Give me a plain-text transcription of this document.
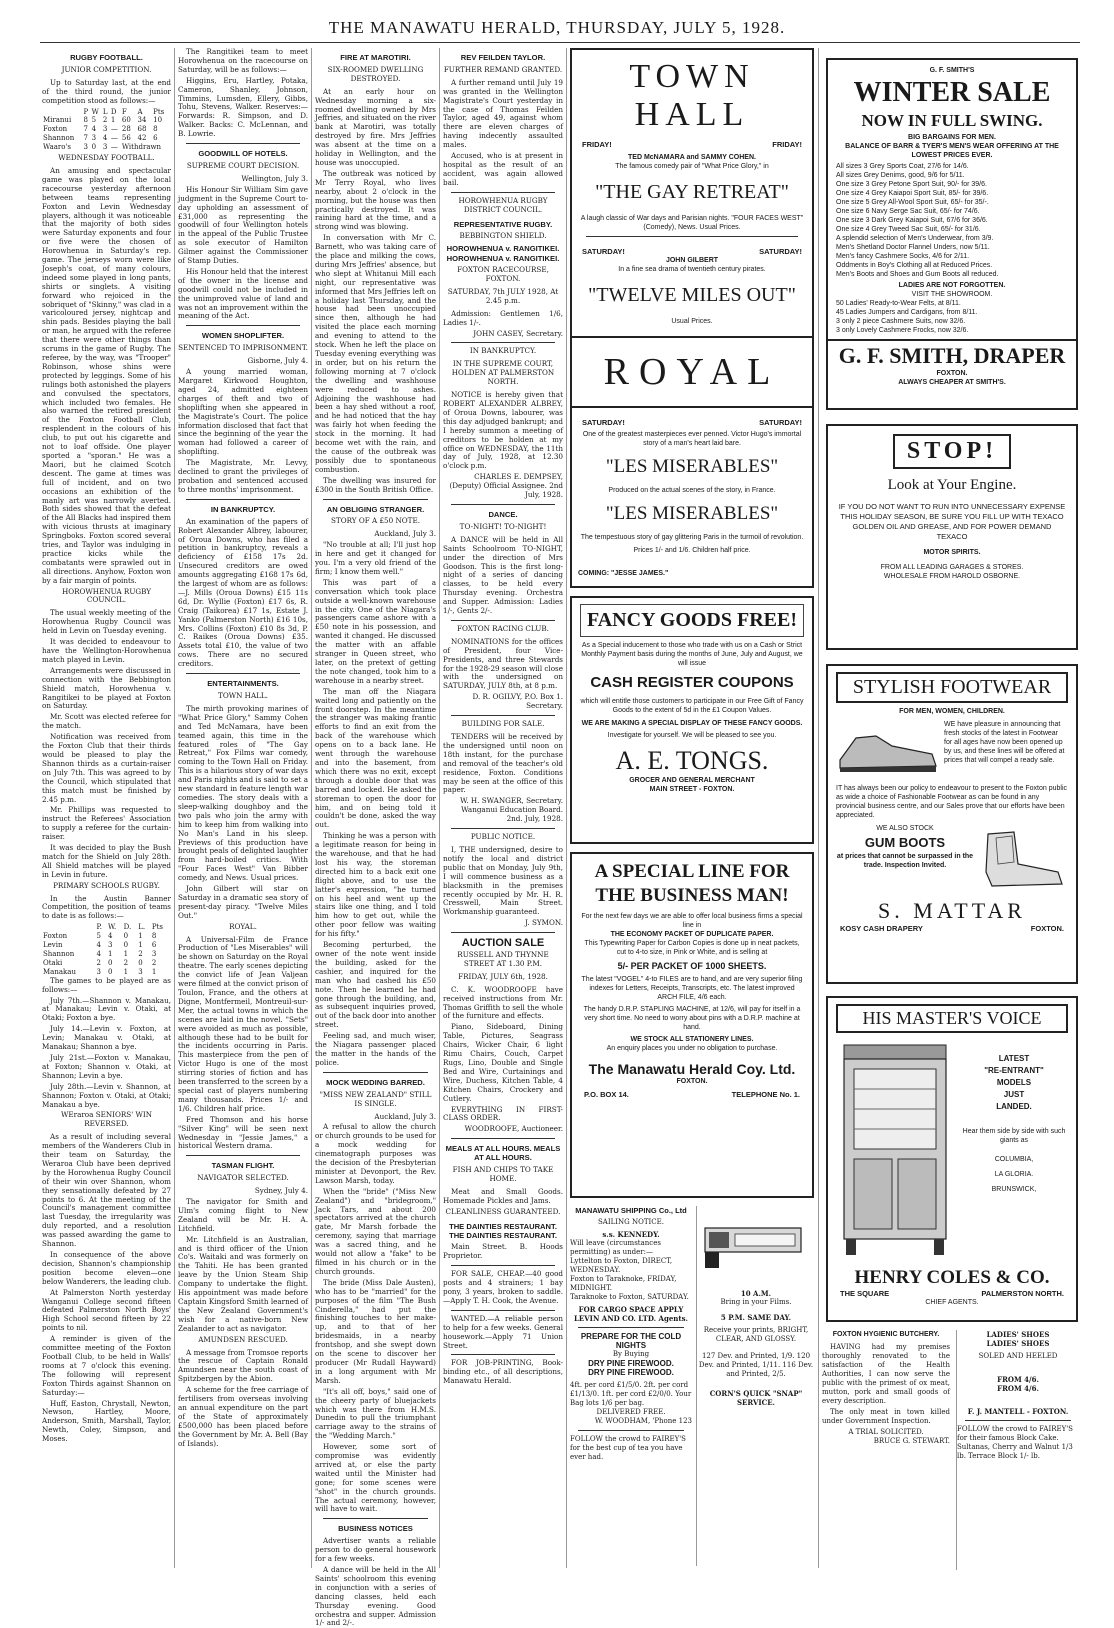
THE MANAWATU HERALD, THURSDAY, JULY 5, 1928.
RUGBY FOOTBALL.
JUNIOR COMPETITION.

Up to Saturday last, at the end of the third round, the junior competition stood as follows:—

	P	W	L	D	F	A	Pts
Miranui	8	5	2	1	60	34	10
Foxton	7	4	3	—	28	68	8
Shannon	7	3	4	—	56	42	6
Waaro's	3	0	3	—	Withdrawn		
WEDNESDAY FOOTBALL.

An amusing and spectacular game was played on the local racecourse yesterday afternoon between teams representing Foxton and Levin Wednesday players, although it was noticeable that the majority of both sides were Saturday exponents and four or five were the chosen of Horowhenua in Saturday's rep. game. The jerseys worn were like Joseph's coat, of many colours, indeed some played in long pants, shirts or singlets. A visiting forward who rejoiced in the sobriquet of "Skinny," was clad in a varicoloured jersey, nightcap and shin pads. Besides playing the ball or man, he argued with the referee that there were other things than scrums in the game of Rugby. The referee, by the way, was "Trooper" Robinson, whose shins were protected by leggings. Some of his rulings both astonished the players and convulsed the spectators, which included two females. He also warned the retired president of the Foxton Football Club, resplendent in the colours of his club, to put out his cigarette and not to loaf offside. One player sported a "sporan." He was a Maori, but he claimed Scotch descent. The game at times was full of incident, and on two occasions an exhibition of the manly art was narrowly averted. Both sides showed that the defeat of the All Blacks had inspired them with vicious thrusts at imaginary Springboks. Foxton scored several tries, and Taylor was indulging in practice kicks while the combatants were sprawled out in all directions. Anyhow, Foxton won by a fair margin of points.

HOROWHENUA RUGBY COUNCIL.

The usual weekly meeting of the Horowhenua Rugby Council was held in Levin on Tuesday evening.

It was decided to endeavour to have the Wellington-Horowhenua match played in Levin.

Arrangements were discussed in connection with the Bebbington Shield match, Horowhenua v. Rangitikei to be played at Foxton on Saturday.

Mr. Scott was elected referee for the match.

Notification was received from the Foxton Club that their thirds would be pleased to play the Shannon thirds as a curtain-raiser on July 7th. This was agreed to by the Council, which stipulated that this match must be finished by 2.45 p.m.

Mr. Phillips was requested to instruct the Referees' Association to supply a referee for the curtain-raiser.

It was decided to play the Bush match for the Shield on July 28th. All Shield matches will be played in Levin in future.

PRIMARY SCHOOLS RUGBY.

In the Austin Banner Competition, the position of teams to date is as follows:—

	P.	W.	D.	L.	Pts
Foxton	5	4	0	1	8
Levin	4	3	0	1	6
Shannon	4	1	1	2	3
Otaki	2	0	2	0	2
Manakau	3	0	1	3	1

The games to be played are as follows:—

July 7th.—Shannon v. Manakau, at Manakau; Levin v. Otaki, at Otaki; Foxton a bye.

July 14.—Levin v. Foxton, at Levin; Manakau v. Otaki, at Manakau; Shannon a bye.

July 21st.—Foxton v. Manakau, at Foxton; Shannon v. Otaki, at Shannon; Levin a bye.

July 28th.—Levin v. Shannon, at Shannon; Foxton v. Otaki, at Otaki; Manakau a bye.

WEraroa SENIORS' WIN REVERSED.

As a result of including several members of the Wanderers Club in their team on Saturday, the Weraroa Club have been deprived by the Horowhenua Rugby Council of their win over Shannon, whom they sensationally defeated by 27 points to 6. At the meeting of the Council's management committee last Tuesday, the irregularity was duly reported, and a resolution was passed awarding the game to Shannon.

In consequence of the above decision, Shannon's championship position become eleven—one below Wanderers, the leading club.

At Palmerston North yesterday Wanganui College second fifteen defeated Palmerston North Boys' High School second fifteen by 22 points to nil.

A reminder is given of the committee meeting of the Foxton Football Club, to be held in Walls' rooms at 7 o'clock this evening. The following will represent Foxton Thirds against Shannon on Saturday:—

Huff, Easton, Chrystall, Newton, Newson, Hartley, Moore, Anderson, Smith, Marshall, Taylor, Newth, Coley, Simpson, and Moses.

The Rangitikei team to meet Horowhenua on the racecourse on Saturday, will be as follows:—

Higgins, Eru, Hartley, Potaka, Cameron, Shanley, Johnson, Timmins, Lumsden, Ellery, Gibbs, Tohu, Stevens, Walker. Reserves:—Forwards: R. Simpson, and D. Walker. Backs: C. McLennan, and B. Lowrie.

GOODWILL OF HOTELS.
SUPREME COURT DECISION.

Wellington, July 3.

His Honour Sir William Sim gave judgment in the Supreme Court to-day upholding an assessment of £31,000 as representing the goodwill of four Wellington hotels in the appeal of the Public Trustee as sole executor of Hamilton Gilmer against the Commissioner of Stamp Duties.

His Honour held that the interest of the owner in the license and goodwill could not be included in the unimproved value of land and was not an improvement within the meaning of the Act.

WOMEN SHOPLIFTER.
SENTENCED TO IMPRISONMENT.

Gisborne, July 4.

A young married woman, Margaret Kirkwood Houghton, aged 24, admitted eighteen charges of theft and two of shoplifting when she appeared in the Magistrate's Court. The police information disclosed that fact that since the beginning of the year the woman had followed a career of shoplifting.

The Magistrate, Mr. Levvy, declined to grant the privileges of probation and sentenced accused to three months' imprisonment.

IN BANKRUPTCY.

An examination of the papers of Robert Alexander Albrey, labourer, of Oroua Downs, who has filed a petition in bankruptcy, reveals a deficiency of £158 17s 2d. Unsecured creditors are owed amounts aggregating £168 17s 6d, the largest of whom are as follows:—J. Mills (Oroua Downs) £15 11s 6d, Dr. Wyllie (Foxton) £17 6s, R. Craig (Taikorea) £17 1s, Estate J. Yanko (Palmerston North) £16 10s, Mrs. Collins (Foxton) £10 8s 3d, P. C. Raikes (Oroua Downs) £35. Assets total £10, the value of two cows. There are no secured creditors.

ENTERTAINMENTS.
TOWN HALL.

The mirth provoking marines of "What Price Glory," Sammy Cohen and Ted McNamara, have been teamed again, this time in the featured roles of "The Gay Retreat," Fox Films war comedy, coming to the Town Hall on Friday. This is a hilarious story of war days and Paris nights and is said to set a new standard in feature length war comedies. The story deals with a sleep-walking doughboy and the two pals who join the army with him to keep him from walking into No Man's Land in his sleep. Previews of this production have brought peals of delighted laughter from hard-boiled critics. With "Four Faces West" Van Bibber comedy, and News. Usual prices.

John Gilbert will star on Saturday in a dramatic sea story of present-day piracy. "Twelve Miles Out."

ROYAL.

A Universal-Film de France Production of "Les Miserables" will be shown on Saturday on the Royal theatre. The early scenes depicting the convict life of Jean Valjean were filmed at the convict prison of Toulon, France, and the others at Digne, Montfermeil, Montreuil-sur-Mer, the actual towns in which the scenes are laid in the novel. "Sets" were avoided as much as possible, although these had to be built for the incidents occurring in Paris. This masterpiece from the pen of Victor Hugo is one of the most stirring stories of fiction and has been transferred to the screen by a special cast of players numbering many thousands. Prices 1/- and 1/6. Children half price.

Fred Thomson and his horse "Silver King" will be seen next Wednesday in "Jessie James," a historical Western drama.

TASMAN FLIGHT.
NAVIGATOR SELECTED.

Sydney, July 4.

The navigator for Smith and Ulm's coming flight to New Zealand will be Mr. H. A. Litchfield.

Mr. Litchfield is an Australian, and is third officer of the Union Co's. Waitaki and was formerly on the Tahiti. He has been granted leave by the Union Steam Ship Company to undertake the flight. His appointment was made before Captain Kingsford Smith learned of the New Zealand Government's wish for a native-born New Zealander to act as navigator.

AMUNDSEN RESCUED.

A message from Tromsoe reports the rescue of Captain Ronald Amundsen near the south coast of Spitzbergen by the Abion.

A scheme for the free carriage of fertilisers from overseas involving an annual expenditure on the part of the State of approximately £500,000 has been placed before the Government by Mr. A. Bell (Bay of Islands).

FIRE AT MAROTIRI.
SIX-ROOMED DWELLING DESTROYED.

At an early hour on Wednesday morning a six-roomed dwelling owned by Mrs Jeffries, and situated on the river bank at Marotiri, was totally destroyed by fire. Mrs Jeffries was absent at the time on a holiday in Wellington, and the house was unoccupied.

The outbreak was noticed by Mr Terry Royal, who lives nearby, about 2 o'clock in the morning, but the house was then practically destroyed. It was raining hard at the time, and a strong wind was blowing.

In conversation with Mr C. Barnett, who was taking care of the place and milking the cows, during Mrs Jeffries' absence, but who slept at Whitanui Mill each night, our representative was informed that Mrs Jeffries left on a holiday last Thursday, and the house had been unoccupied since then, although he had visited the place each morning and evening to attend to the stock. When he left the place on Tuesday evening everything was in order, but on his return the following morning at 7 o'clock the dwelling and washhouse were reduced to ashes. Adjoining the washhouse had been a hay shed without a roof, and he had noticed that the hay was fairly hot when feeding the stock in the morning. It had become wet with the rain, and the cause of the outbreak was possibly due to spontaneous combustion.

The dwelling was insured for £300 in the South British Office.

AN OBLIGING STRANGER.
STORY OF A £50 NOTE.

Auckland, July 3.

"No trouble at all; I'll just hop in here and get it changed for you. I'm a very old friend of the firm; I know them well."

This was part of a conversation which took place outside a well-known warehouse in the city. One of the Niagara's passengers came ashore with a £50 note in his possession, and wanted it changed. He discussed the matter with an affable stranger in Queen street, who later, on the pretext of getting the note changed, took him to a warehouse in a nearby street.

The man off the Niagara waited long and patiently on the front doorstep. In the meantime the stranger was making frantic efforts to find an exit from the back of the warehouse which opens on to a back lane. He went through the warehouse and into the basement, from which there was no exit, except through a double door that was barred and locked. He asked the storeman to open the door for him, and on being told it couldn't be done, asked the way out.

Thinking he was a person with a legitimate reason for being in the warehouse, and that he had lost his way, the storeman directed him to a back exit one flight above, and to use the latter's expression, "he turned on his heel and went up the stairs like one thing, and I told him how to get out, while the other poor fellow was waiting for his fifty."

Becoming perturbed, the owner of the note went inside the building, asked for the cashier, and inquired for the man who had cashed his £50 note. Then he learned he had gone through the building, and, as subsequent inquiries proved, out of the back door into another street.

Feeling sad, and much wiser, the Niagara passenger placed the matter in the hands of the police.

MOCK WEDDING BARRED.
"MISS NEW ZEALAND" STILL IS SINGLE.

Auckland, July 3.

A refusal to allow the church or church grounds to be used for a mock wedding for cinematograph purposes was the decision of the Presbyterian minister at Devonport, the Rev. Lawson Marsh, today.

When the "bride" ("Miss New Zealand") and "bridegroom," Jack Tars, and about 200 spectators arrived at the church gate, Mr Marsh forbade the ceremony, saying that marriage was a sacred thing, and he would not allow a "fake" to be filmed in his church or in the church grounds.

The bride (Miss Dale Austen), who has to be "married" for the purposes of the film "The Bush Cinderella," had put the finishing touches to her make-up, and to that of her bridesmaids, in a nearby frontshop, and she swept down on the scene to discover her producer (Mr Rudall Hayward) in a long argument with Mr Marsh.

"It's all off, boys," said one of the cheery party of bluejackets which was there from H.M.S. Dunedin to pull the triumphant carriage away to the strains of the "Wedding March."

However, some sort of compromise was evidently arrived at, or else the party waited until the Minister had gone; for some scenes were "shot" in the church grounds. The actual ceremony, however, will have to wait.

BUSINESS NOTICES

Advertiser wants a reliable person to do general housework for a few weeks.

A dance will be held in the All Saints' schoolroom this evening in conjunction with a series of dancing classes, held each Thursday evening. Good orchestra and supper. Admission 1/- and 2/-.

REV FEILDEN TAYLOR.
FURTHER REMAND GRANTED.

A further remand until July 19 was granted in the Wellington Magistrate's Court yesterday in the case of Thomas Feilden Taylor, aged 49, against whom there are eleven charges of having indecently assaulted males.

Accused, who is at present in hospital as the result of an accident, was again allowed bail.

HOROWHENUA RUGBY DISTRICT COUNCIL.
REPRESENTATIVE RUGBY.
BEBBINGTON SHIELD.
HOROWHENUA v. RANGITIKEI.
HOROWHENUA v. RANGITIKEI.
FOXTON RACECOURSE, FOXTON.
SATURDAY, 7th JULY 1928, At 2.45 p.m.

Admission: Gentlemen 1/6, Ladies 1/-.

JOHN CASEY, Secretary.

IN BANKRUPTCY.
IN THE SUPREME COURT, HOLDEN AT PALMERSTON NORTH.

NOTICE is hereby given that ROBERT ALEXANDER ALBREY, of Oroua Downs, labourer, was this day adjudged bankrupt; and I hereby summon a meeting of creditors to be holden at my office on WEDNESDAY, the 11th day of July, 1928, at 12.30 o'clock p.m.

CHARLES E. DEMPSEY, (Deputy) Official Assignee. 2nd July, 1928.

DANCE.
TO-NIGHT! TO-NIGHT!

A DANCE will be held in All Saints Schoolroom TO-NIGHT, under the direction of Mrs Goodson. This is the first long-night of a series of dancing classes, to be held every Thursday evening. Orchestra and Supper. Admission: Ladies 1/-, Gents 2/-.

FOXTON RACING CLUB.

NOMINATIONS for the offices of President, four Vice-Presidents, and three Stewards for the 1928-29 season will close with the undersigned on SATURDAY, JULY 8th, at 8 p.m.

D. R. OGILVY, P.O. Box 1. Secretary.

BUILDING FOR SALE.

TENDERS will be received by the undersigned until noon on 18th instant, for the purchase and removal of the teacher's old residence, Foxton. Conditions may be seen at the office of this paper.

W. H. SWANGER, Secretary. Wanganui Education Board. 2nd. July, 1928.

PUBLIC NOTICE.

I, THE undersigned, desire to notify the local and district public that on Monday, July 9th, I will commence business as a blacksmith in the premises recently occupied by Mr. H. R. Cresswell, Main Street. Workmanship guaranteed.

J. SYMON.

AUCTION SALE
RUSSELL AND THYNNE STREET AT 1.30 P.M.
FRIDAY, JULY 6th, 1928.

C. K. WOODROOFE have received instructions from Mr. Thomas Griffith to sell the whole of the furniture and effects.

Piano, Sideboard, Dining Table, Pictures, Seagrass Chairs, Wicker Chair, 6 light Rimu Chairs, Couch, Carpet Rugs, Lino, Double and Single Bed and Wire, Curtainings and Wire, Duchess, Kitchen Table, 4 Kitchen Chairs, Crockery and Cutlery.

EVERYTHING IN FIRST-CLASS ORDER.

WOODROOFE, Auctioneer.

MEALS AT ALL HOURS. MEALS AT ALL HOURS.
FISH AND CHIPS TO TAKE HOME.

Meat and Small Goods. Homemade Pickles and Jams.

CLEANLINESS GUARANTEED.
THE DAINTIES RESTAURANT. THE DAINTIES RESTAURANT.

Main Street. B. Hoods Proprietor.

FOR SALE, CHEAP.—40 good posts and 4 strainers; 1 bay pony, 3 years, broken to saddle.—Apply T. H. Cook, the Avenue.

WANTED.—A reliable person to help for a few weeks. General housework.—Apply 71 Union Street.

FOR JOB-PRINTING, Book-binding etc., of all descriptions, Manawatu Herald.

TOWN HALL
FRIDAY!	FRIDAY!
TED McNAMARA and SAMMY COHEN.
The famous comedy pair of "What Price Glory," in
"THE GAY RETREAT"
A laugh classic of War days and Parisian nights. "FOUR FACES WEST" (Comedy), News. Usual Prices.
SATURDAY!	SATURDAY!
JOHN GILBERT
In a fine sea drama of twentieth century pirates.
"TWELVE MILES OUT"
Usual Prices.
ROYAL
SATURDAY!	SATURDAY!
One of the greatest masterpieces ever penned. Victor Hugo's immortal story of a man's heart laid bare.
"LES MISERABLES"
Produced on the actual scenes of the story, in France.
"LES MISERABLES"
The tempestuous story of gay glittering Paris in the turmoil of revolution.
Prices 1/- and 1/6. Children half price.
COMING: "JESSE JAMES."
FANCY GOODS FREE!
As a Special inducement to those who trade with us on a Cash or Strict Monthly Payment basis during the months of June, July and August, we will issue
CASH REGISTER COUPONS
which will entitle those customers to participate in our Free Gift of Fancy Goods to the extent of 5d in the £1 Coupon Values.
WE ARE MAKING A SPECIAL DISPLAY OF THESE FANCY GOODS.
Investigate for yourself. We will be pleased to see you.
A. E. TONGS.
GROCER AND GENERAL MERCHANT
MAIN STREET - FOXTON.
A SPECIAL LINE FOR THE BUSINESS MAN!
For the next few days we are able to offer local business firms a special line in
THE ECONOMY PACKET OF DUPLICATE PAPER.
This Typewriting Paper for Carbon Copies is done up in neat packets, cut to 4-to size, in Pink or White, and is selling at
5/- PER PACKET OF 1000 SHEETS.
The latest "VOGEL" 4-to FILES are to hand, and are very superior filing indexes for Letters, Receipts, Transcripts, etc. The latest improved ARCH FILE, 4/6 each.
The handy D.R.P. STAPLING MACHINE, at 12/6, will pay for itself in a very short time. No need to worry about pins with a D.R.P. machine at hand.
WE STOCK ALL STATIONERY LINES.
An enquiry places you under no obligation to purchase.
The Manawatu Herald Coy. Ltd.
FOXTON.
P.O. BOX 14.	TELEPHONE No. 1.
MANAWATU SHIPPING Co., Ltd
SAILING NOTICE.
s.s. KENNEDY.
Will leave (circumstances permitting) as under:—
Lyttelton to Foxton, DIRECT, WEDNESDAY.
Foxton to Taraknoke, FRIDAY, MIDNIGHT.
Taraknoke to Foxton, SATURDAY.
FOR CARGO SPACE APPLY LEVIN AND CO. LTD. Agents.
PREPARE FOR THE COLD NIGHTS
By Buying
DRY PINE FIREWOOD.
DRY PINE FIREWOOD.
4ft. per cord £1/5/0. 2ft. per cord £1/13/0. 1ft. per cord £2/0/0. Your Bag lots 1/6 per bag.
DELIVERED FREE.
W. WOODHAM, 'Phone 123
FOLLOW the crowd to FAIREY'S for the best cup of tea you have ever had.
10 A.M.
Bring in your Films.
5 P.M. SAME DAY.
Receive your prints, BRIGHT, CLEAR, AND GLOSSY.
127 Dev. and Printed, 1/9. 120 Dev. and Printed, 1/11. 116 Dev. and Printed, 2/5.
CORN'S QUICK "SNAP" SERVICE.
G. F. SMITH'S
WINTER SALE
NOW IN FULL SWING.
BIG BARGAINS FOR MEN.
BALANCE OF BARR & TYER'S MEN'S WEAR OFFERING AT THE LOWEST PRICES EVER.
All sizes 3 Grey Sports Coat, 27/6 for 14/6.
All sizes Grey Denims, good, 9/6 for 5/11.
One size 3 Grey Petone Sport Suit, 90/- for 39/6.
One size 4 Grey Kaiapoi Sport Suit, 85/- for 39/6.
One size 5 Grey All-Wool Sport Suit, 65/- for 35/-.
One size 6 Navy Serge Sac Suit, 65/- for 74/6.
One size 3 Dark Grey Kaiapoi Suit, 67/6 for 36/6.
One size 4 Grey Tweed Sac Suit, 65/- for 31/6.
A splendid selection of Men's Underwear, from 3/9.
Men's Shetland Doctor Flannel Unders, now 5/11.
Men's fancy Cashmere Socks, 4/6 for 2/11.
Oddments in Boy's Clothing all at Reduced Prices.
Men's Boots and Shoes and Gum Boots all reduced.
LADIES ARE NOT FORGOTTEN.
VISIT THE SHOWROOM.
50 Ladies' Ready-to-Wear Felts, at 8/11.
45 Ladies Jumpers and Cardigans, from 8/11.
3 only 2 piece Cashmere Suits, now 32/6.
3 only Lovely Cashmere Frocks, now 32/6.
G. F. SMITH, DRAPER
FOXTON.
ALWAYS CHEAPER AT SMITH'S.
STOP!
Look at Your Engine.
IF YOU DO NOT WANT TO RUN INTO UNNECESSARY EXPENSE THIS HOLIDAY SEASON, BE SURE YOU FILL UP WITH TEXACO GOLDEN OIL AND GREASE, AND FOR POWER DEMAND TEXACO
MOTOR SPIRITS.
FROM ALL LEADING GARAGES & STORES.
WHOLESALE FROM HAROLD OSBORNE.
STYLISH FOOTWEAR
FOR MEN, WOMEN, CHILDREN.
WE have pleasure in announcing that fresh stocks of the latest in Footwear for all ages have now been opened up by us, and these lines will be offered at prices that will compel a ready sale.
IT has always been our policy to endeavour to present to the Foxton public as wide a choice of Fashionable Footwear as can be found in any provincial business centre, and our Sales prove that our efforts have been appreciated.
WE ALSO STOCK
GUM BOOTS
at prices that cannot be surpassed in the trade. Inspection Invited.
S. MATTAR
KOSY CASH DRAPERY	FOXTON.
HIS MASTER'S VOICE
LATEST
"RE-ENTRANT"
MODELS
JUST
LANDED.
Hear them side by side with such giants as
COLUMBIA,
LA GLORIA.
BRUNSWICK,
HENRY COLES & CO.
THE SQUARE	PALMERSTON NORTH.
CHIEF AGENTS.
FOXTON HYGIENIC BUTCHERY.

HAVING had my premises thoroughly renovated to the satisfaction of the Health Authorities, I can now serve the public with the primest of ox meat, mutton, pork and small goods of every description.

The only meat in town killed under Government Inspection.

A TRIAL SOLICITED.
BRUCE G. STEWART.
LADIES' SHOES
LADIES' SHOES
SOLED AND HEELED
FROM 4/6.
FROM 4/6.
F. J. MANTELL - FOXTON.
FOLLOW the crowd to FAIREY'S for their famous Block Cake. Sultanas, Cherry and Walnut 1/3 lb. Terrace Block 1/- lb.
